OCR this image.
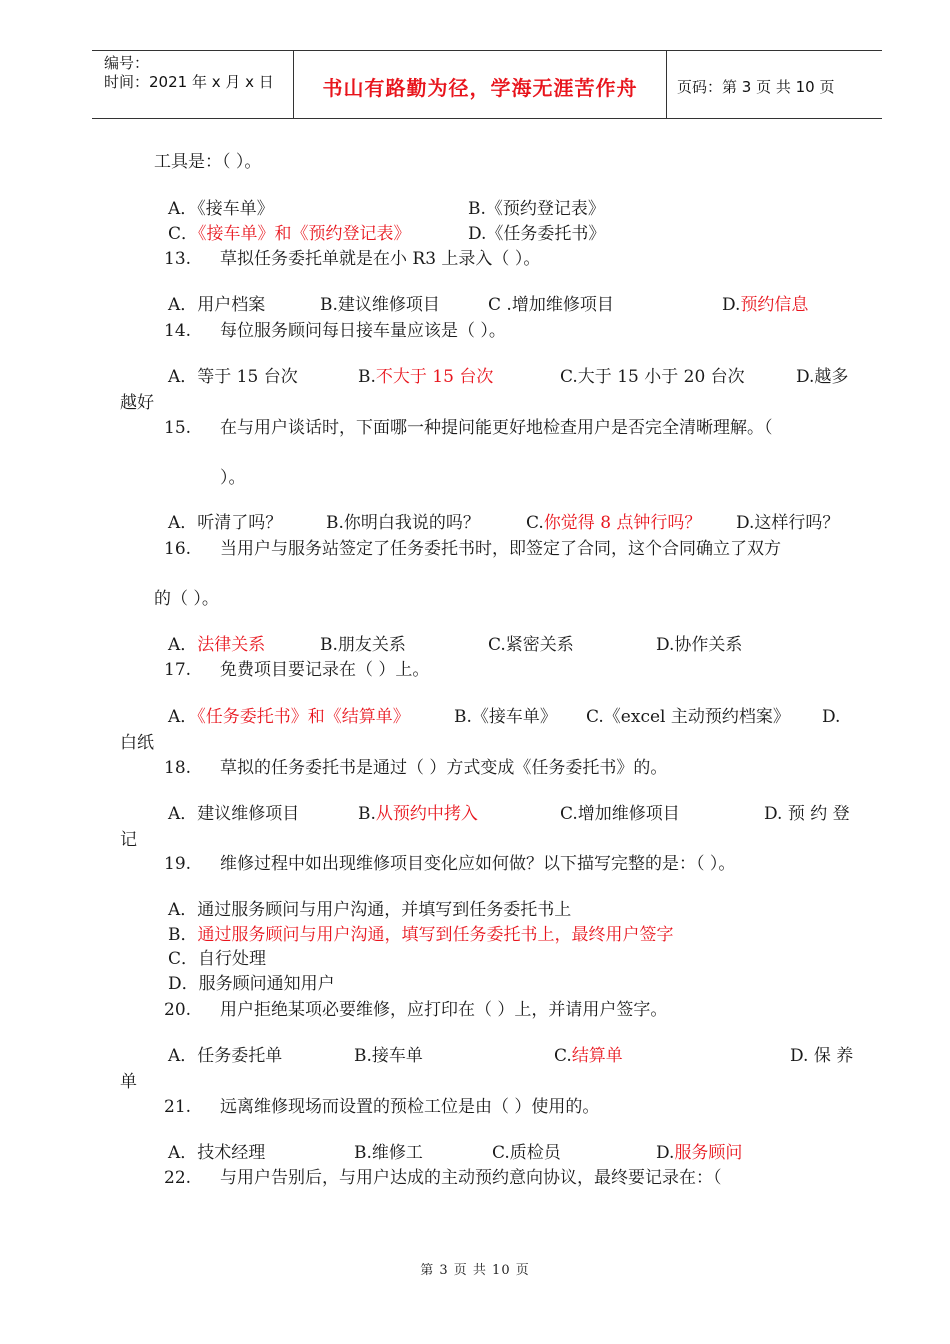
编号：
时间：2021 年 x 月 x 日	书山有路勤为径，学海无涯苦作舟	页码：第 3 页 共 10 页
工具是：（ ）。
A．《接车单》	B.《预约登记表》
C．《接车单》和《预约登记表》	D.《任务委托书》
13. 草拟任务委托单就是在小 R3 上录入（ ）。
A．用户档案	B.建议维修项目	C .增加维修项目	D.预约信息
14. 每位服务顾问每日接车量应该是（ ）。
A．等于 15 台次	B.不大于 15 台次	C.大于 15 小于 20 台次	D.越多
越好
15. 在与用户谈话时，下面哪一种提问能更好地检查用户是否完全清晰理解。（
）。
A．听清了吗？	B.你明白我说的吗？	C.你觉得 8 点钟行吗？ D.这样行吗？
16. 当用户与服务站签定了任务委托书时，即签定了合同，这个合同确立了双方
的（ ）。
A．法律关系	B.朋友关系	C.紧密关系	D.协作关系
17. 免费项目要记录在（ ）上。
A．《任务委托书》和《结算单》	B.《接车单》 C.《excel 主动预约档案》 D.
白纸
18. 草拟的任务委托书是通过（ ）方式变成《任务委托书》的。
A．建议维修项目	B.从预约中拷入	C.增加维修项目	D. 预 约 登
记
19. 维修过程中如出现维修项目变化应如何做？以下描写完整的是：（ ）。
A．通过服务顾问与用户沟通，并填写到任务委托书上
B．通过服务顾问与用户沟通，填写到任务委托书上，最终用户签字
C．自行处理
D．服务顾问通知用户
20. 用户拒绝某项必要维修，应打印在（ ）上，并请用户签字。
A．任务委托单	B.接车单	C.结算单	D. 保 养
单
21. 远离维修现场而设置的预检工位是由（ ）使用的。
A．技术经理	B.维修工	C.质检员	D.服务顾问
22. 与用户告别后，与用户达成的主动预约意向协议，最终要记录在：（
第 3 页 共 10 页
